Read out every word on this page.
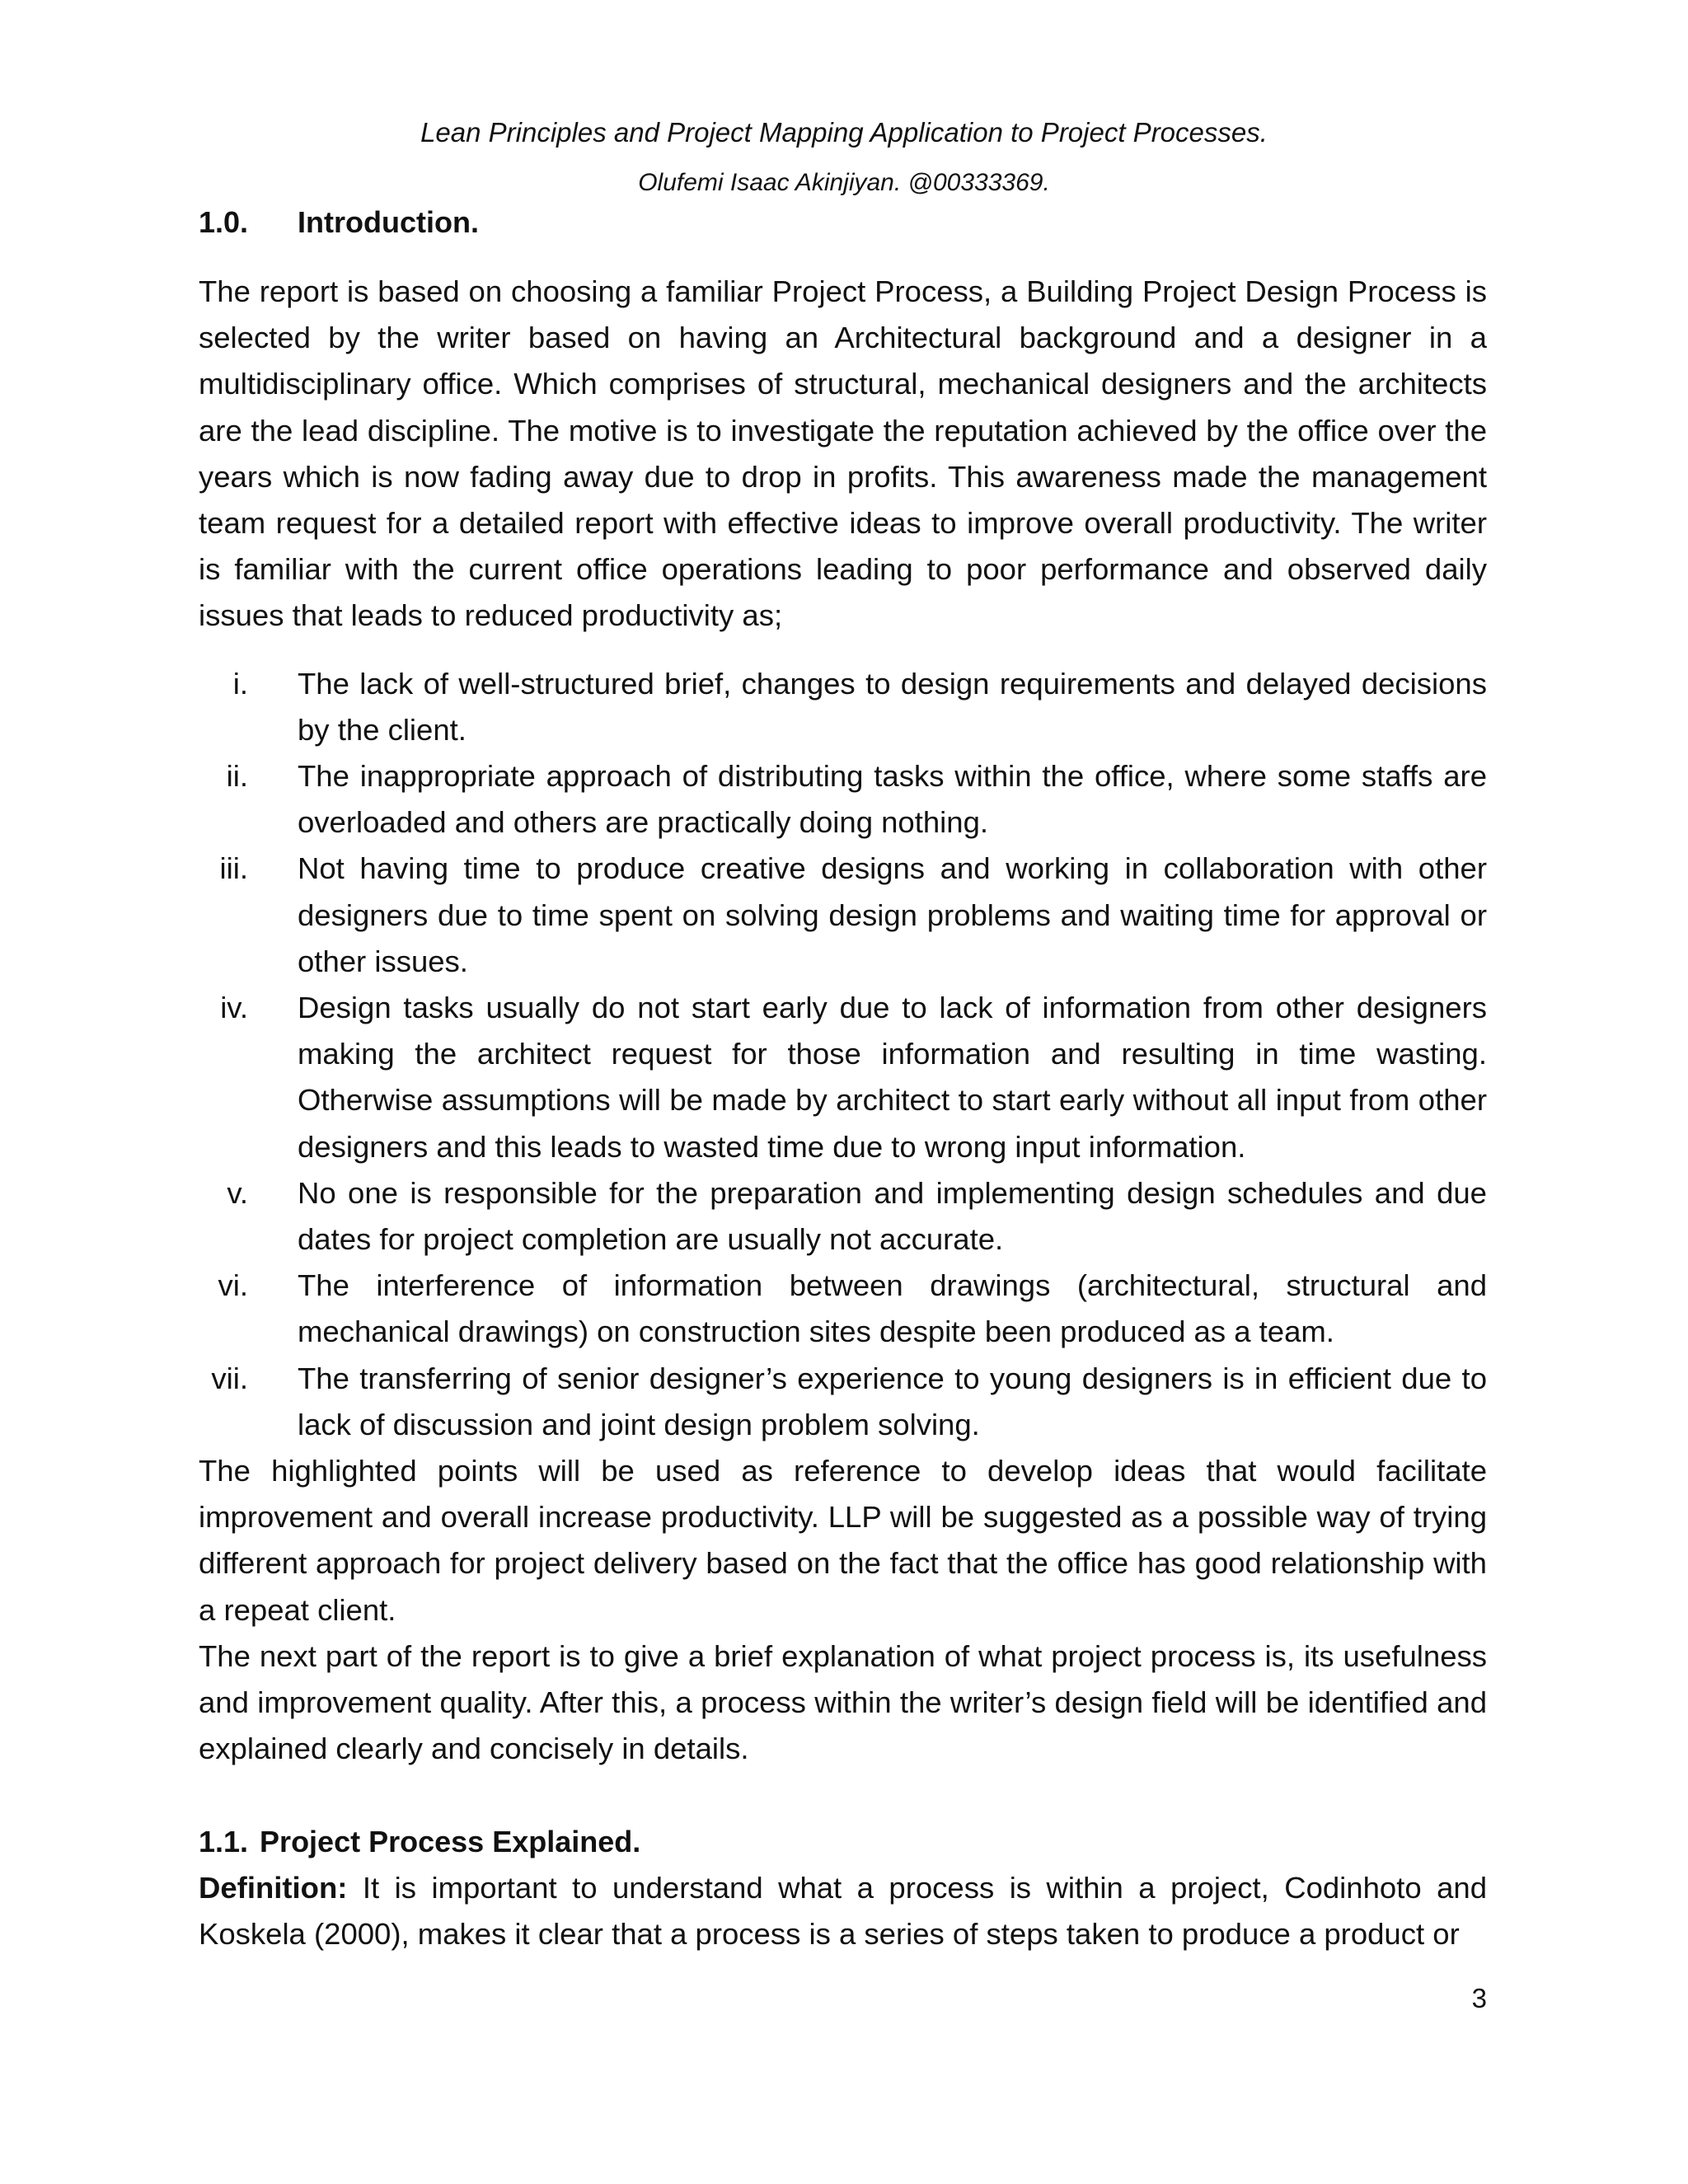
Lean Principles and Project Mapping Application to Project Processes.
Olufemi Isaac Akinjiyan. @00333369.
1.0.	Introduction.

The report is based on choosing a familiar Project Process, a Building Project Design Process is selected by the writer based on having an Architectural background and a designer in a multidisciplinary office. Which comprises of structural, mechanical designers and the architects are the lead discipline. The motive is to investigate the reputation achieved by the office over the years which is now fading away due to drop in profits. This awareness made the management team request for a detailed report with effective ideas to improve overall productivity. The writer is familiar with the current office operations leading to poor performance and observed daily issues that leads to reduced productivity as;

i.	The lack of well-structured brief, changes to design requirements and delayed decisions by the client.
ii.	The inappropriate approach of distributing tasks within the office, where some staffs are overloaded and others are practically doing nothing.
iii.	Not having time to produce creative designs and working in collaboration with other designers due to time spent on solving design problems and waiting time for approval or other issues.
iv.	Design tasks usually do not start early due to lack of information from other designers making the architect request for those information and resulting in time wasting. Otherwise assumptions will be made by architect to start early without all input from other designers and this leads to wasted time due to wrong input information.
v.	No one is responsible for the preparation and implementing design schedules and due dates for project completion are usually not accurate.
vi.	The interference of information between drawings (architectural, structural and mechanical drawings) on construction sites despite been produced as a team.
vii.	The transferring of senior designer’s experience to young designers is in efficient due to lack of discussion and joint design problem solving.

The highlighted points will be used as reference to develop ideas that would facilitate improvement and overall increase productivity. LLP will be suggested as a possible way of trying different approach for project delivery based on the fact that the office has good relationship with a repeat client.

The next part of the report is to give a brief explanation of what project process is, its usefulness and improvement quality. After this, a process within the writer’s design field will be identified and explained clearly and concisely in details.

1.1. Project Process Explained.

Definition: It is important to understand what a process is within a project, Codinhoto and Koskela (2000), makes it clear that a process is a series of steps taken to produce a product or

3
